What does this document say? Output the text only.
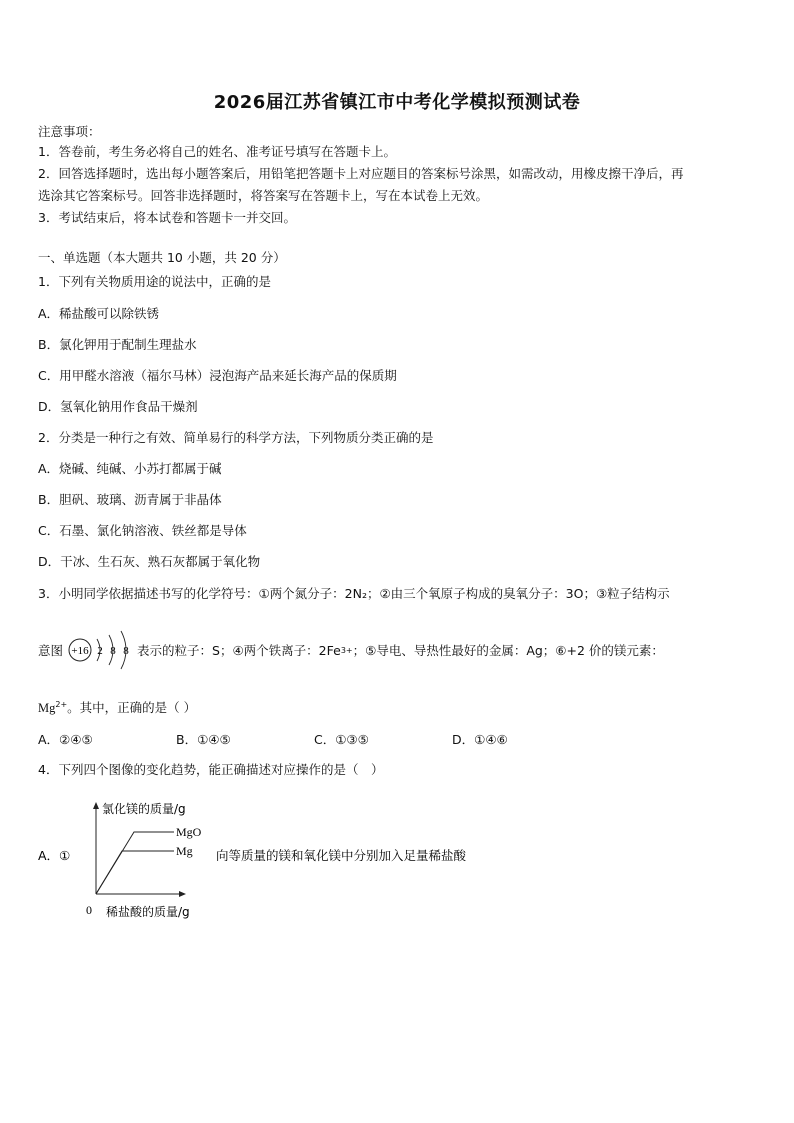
2026届江苏省镇江市中考化学模拟预测试卷
注意事项：
1．答卷前，考生务必将自己的姓名、准考证号填写在答题卡上。
2．回答选择题时，选出每小题答案后，用铅笔把答题卡上对应题目的答案标号涂黑，如需改动，用橡皮擦干净后，再
选涂其它答案标号。回答非选择题时，将答案写在答题卡上，写在本试卷上无效。
3．考试结束后，将本试卷和答题卡一并交回。
一、单选题（本大题共 10 小题，共 20 分）
1．下列有关物质用途的说法中，正确的是
A．稀盐酸可以除铁锈
B．氯化钾用于配制生理盐水
C．用甲醛水溶液（福尔马林）浸泡海产品来延长海产品的保质期
D．氢氧化钠用作食品干燥剂
2．分类是一种行之有效、简单易行的科学方法，下列物质分类正确的是
A．烧碱、纯碱、小苏打都属于碱
B．胆矾、玻璃、沥青属于非晶体
C．石墨、氯化钠溶液、铁丝都是导体
D．干冰、生石灰、熟石灰都属于氧化物
3．小明同学依据描述书写的化学符号：①两个氮分子：2N₂；②由三个氧原子构成的臭氧分子：3O；③粒子结构示
意图 +16 2 8 8 表示的粒子：S；④两个铁离子：2Fe 3+ ；⑤导电、导热性最好的金属：Ag；⑥+2 价的镁元素：
$Mg^{2+}$。其中，正确的是（ ）
A．②④⑤	B．①④⑤	C．①③⑤	D．①④⑥
4．下列四个图像的变化趋势，能正确描述对应操作的是（　）
A．①
氯化镁的质量/g
MgO
Mg 向等质量的镁和氧化镁中分别加入足量稀盐酸
0 稀盐酸的质量/g
